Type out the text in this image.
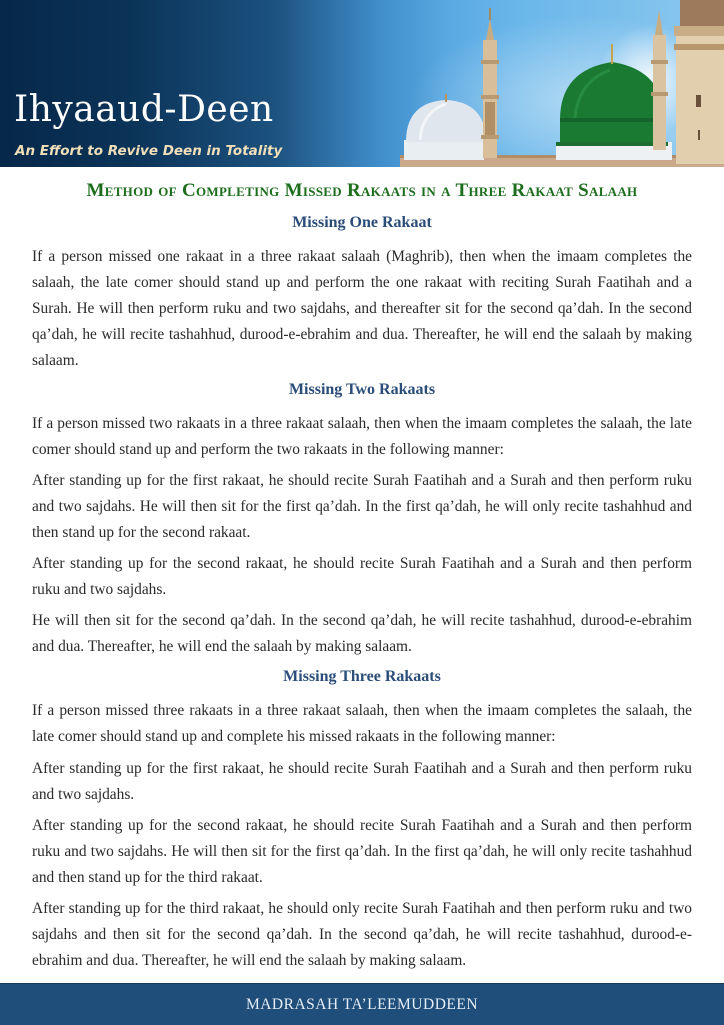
Ihyaaud-Deen
An Effort to Revive Deen in Totality
Method of Completing Missed Rakaats in a Three Rakaat Salaah
Missing One Rakaat

If a person missed one rakaat in a three rakaat salaah (Maghrib), then when the imaam completes the salaah, the late comer should stand up and perform the one rakaat with reciting Surah Faatihah and a Surah. He will then perform ruku and two sajdahs, and thereafter sit for the second qa’dah. In the second qa’dah, he will recite tashahhud, durood-e-ebrahim and dua. Thereafter, he will end the salaah by making salaam.

Missing Two Rakaats

If a person missed two rakaats in a three rakaat salaah, then when the imaam completes the salaah, the late comer should stand up and perform the two rakaats in the following manner:

After standing up for the first rakaat, he should recite Surah Faatihah and a Surah and then perform ruku and two sajdahs. He will then sit for the first qa’dah. In the first qa’dah, he will only recite tashahhud and then stand up for the second rakaat.

After standing up for the second rakaat, he should recite Surah Faatihah and a Surah and then perform ruku and two sajdahs.

He will then sit for the second qa’dah. In the second qa’dah, he will recite tashahhud, durood-e-ebrahim and dua. Thereafter, he will end the salaah by making salaam.

Missing Three Rakaats

If a person missed three rakaats in a three rakaat salaah, then when the imaam completes the salaah, the late comer should stand up and complete his missed rakaats in the following manner:

After standing up for the first rakaat, he should recite Surah Faatihah and a Surah and then perform ruku and two sajdahs.

After standing up for the second rakaat, he should recite Surah Faatihah and a Surah and then perform ruku and two sajdahs. He will then sit for the first qa’dah. In the first qa’dah, he will only recite tashahhud and then stand up for the third rakaat.

After standing up for the third rakaat, he should only recite Surah Faatihah and then perform ruku and two sajdahs and then sit for the second qa’dah. In the second qa’dah, he will recite tashahhud, durood-e-ebrahim and dua. Thereafter, he will end the salaah by making salaam.

MADRASAH TA’LEEMUDDEEN
